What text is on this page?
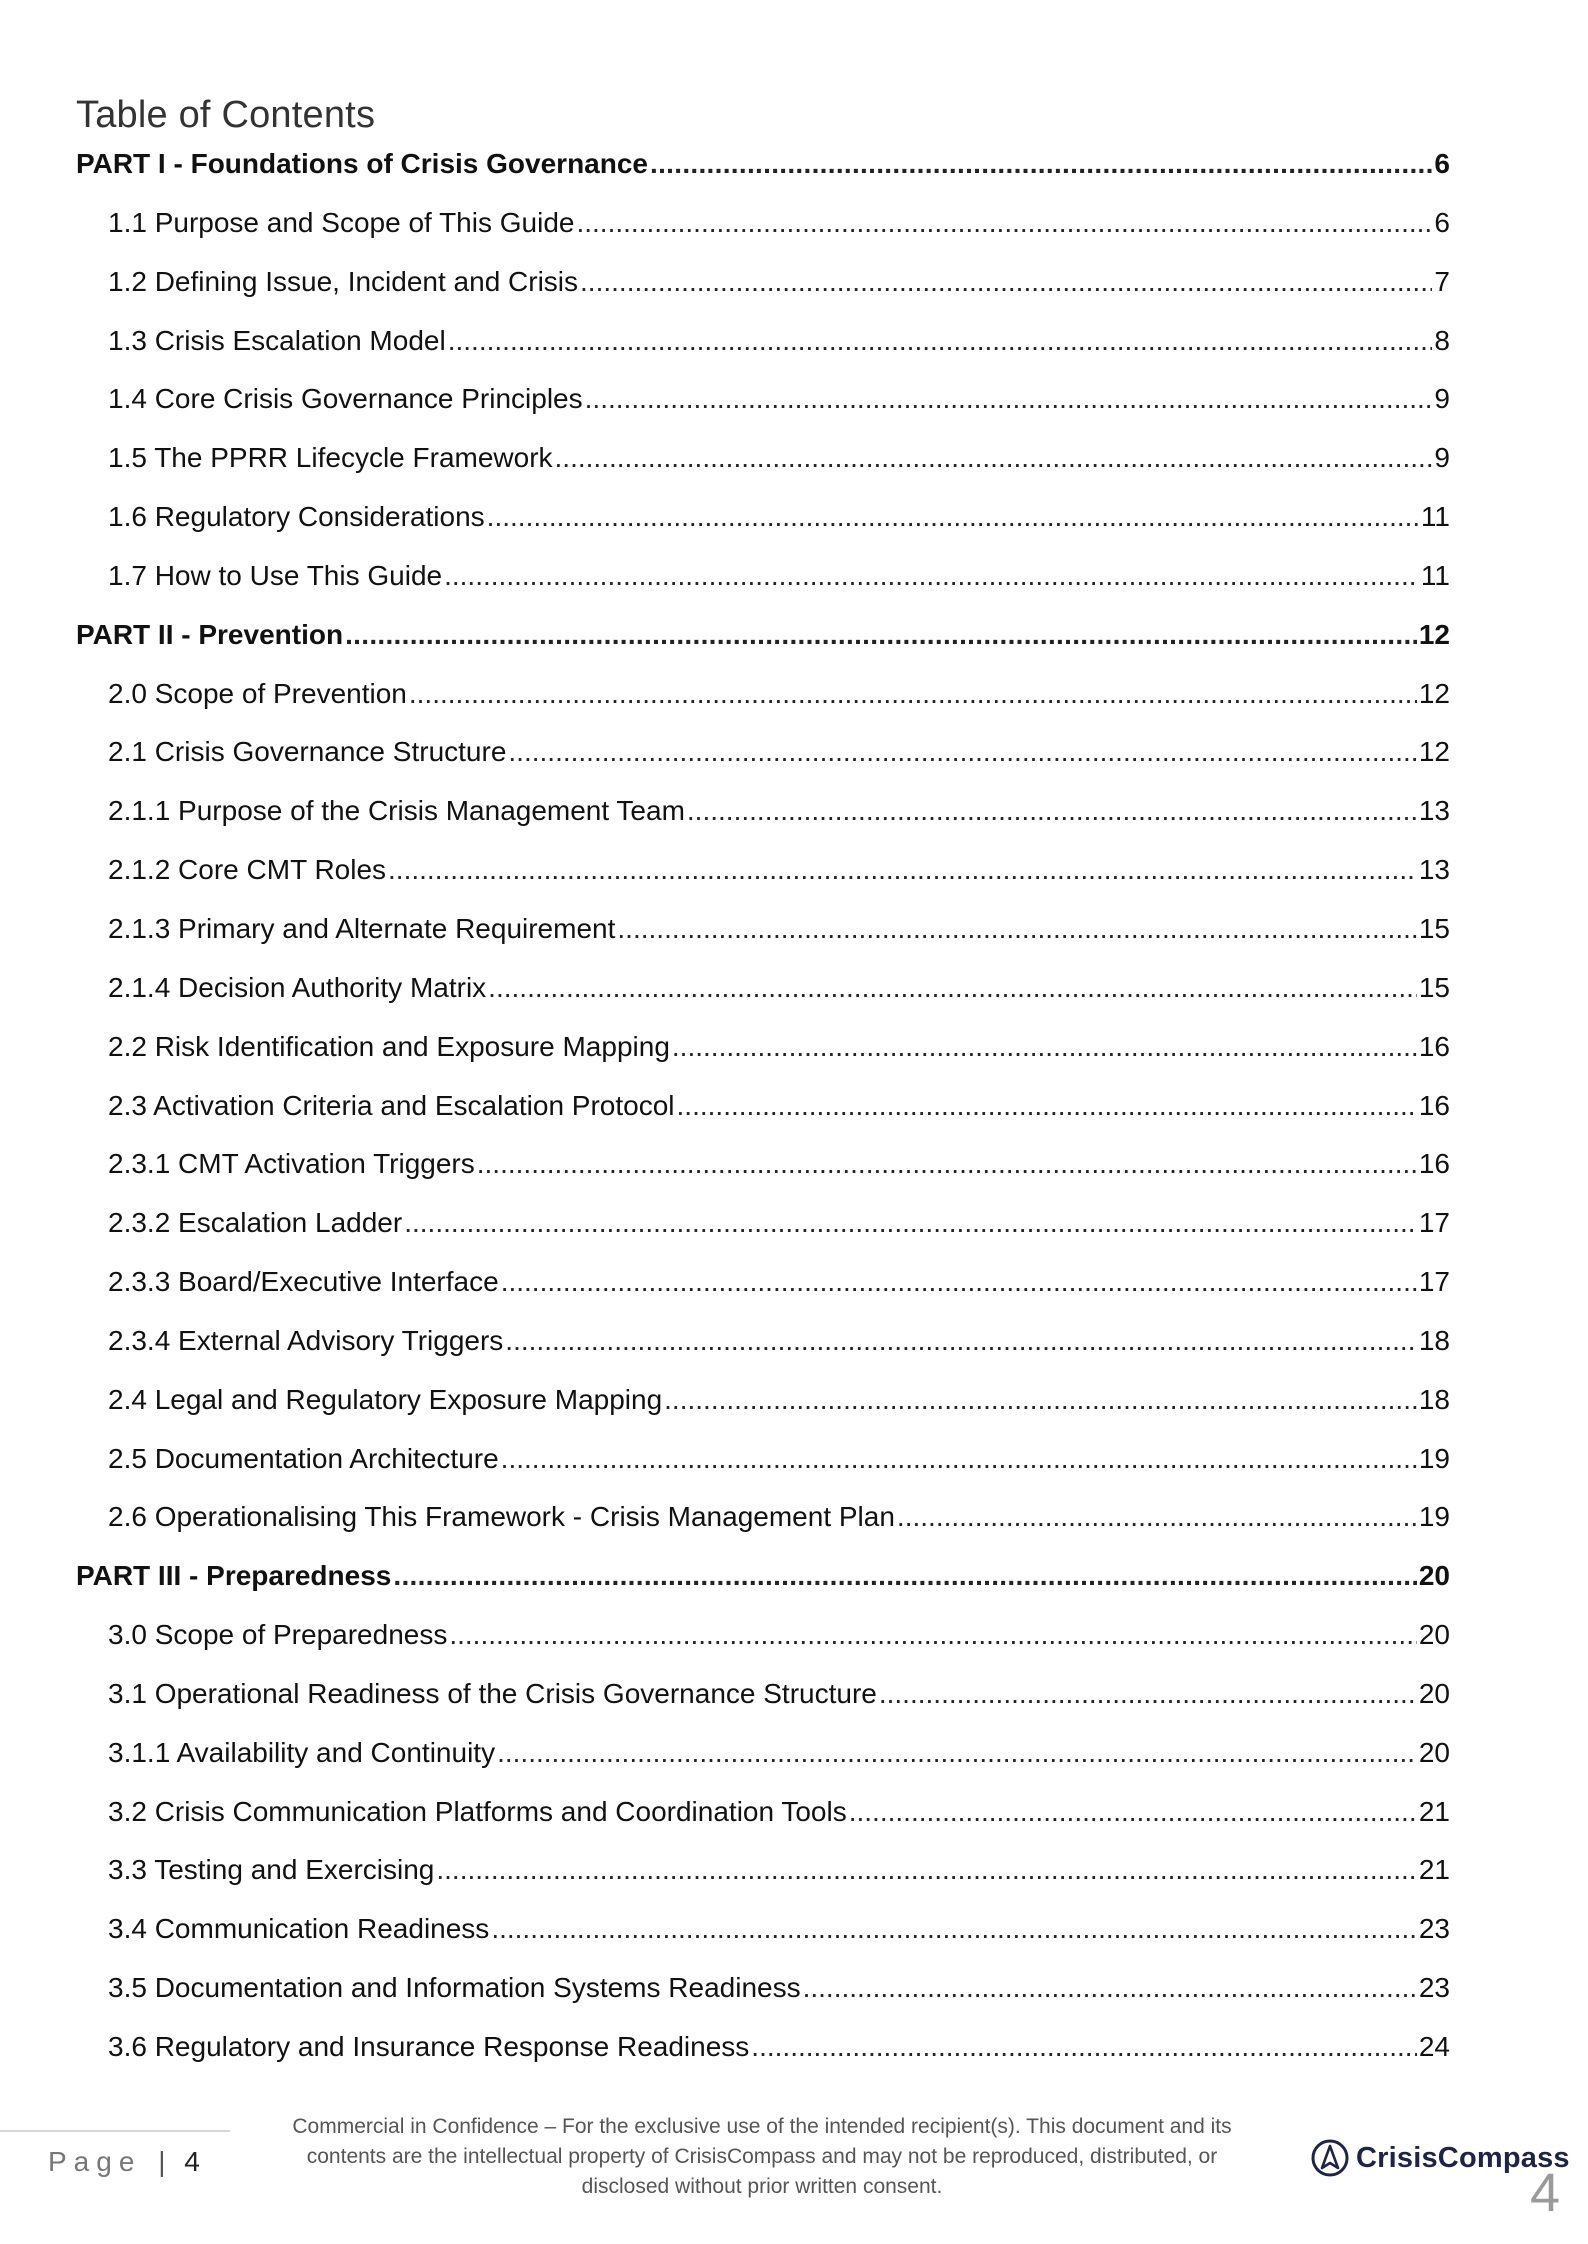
Table of Contents
PART I - Foundations of Crisis Governance .....	6
1.1 Purpose and Scope of This Guide .....	6
1.2 Defining Issue, Incident and Crisis .....	7
1.3 Crisis Escalation Model .....	8
1.4 Core Crisis Governance Principles .....	9
1.5 The PPRR Lifecycle Framework .....	9
1.6 Regulatory Considerations .....	11
1.7 How to Use This Guide .....	11
PART II - Prevention .....	12
2.0 Scope of Prevention .....	12
2.1 Crisis Governance Structure .....	12
2.1.1 Purpose of the Crisis Management Team .....	13
2.1.2 Core CMT Roles .....	13
2.1.3 Primary and Alternate Requirement .....	15
2.1.4 Decision Authority Matrix .....	15
2.2 Risk Identification and Exposure Mapping .....	16
2.3 Activation Criteria and Escalation Protocol .....	16
2.3.1 CMT Activation Triggers .....	16
2.3.2 Escalation Ladder .....	17
2.3.3 Board/Executive Interface .....	17
2.3.4 External Advisory Triggers .....	18
2.4 Legal and Regulatory Exposure Mapping .....	18
2.5 Documentation Architecture .....	19
2.6 Operationalising This Framework - Crisis Management Plan .....	19
PART III - Preparedness .....	20
3.0 Scope of Preparedness .....	20
3.1 Operational Readiness of the Crisis Governance Structure .....	20
3.1.1 Availability and Continuity .....	20
3.2 Crisis Communication Platforms and Coordination Tools .....	21
3.3 Testing and Exercising .....	21
3.4 Communication Readiness .....	23
3.5 Documentation and Information Systems Readiness .....	23
3.6 Regulatory and Insurance Response Readiness .....	24
Page | 4
Commercial in Confidence – For the exclusive use of the intended recipient(s). This document and its
contents are the intellectual property of CrisisCompass and may not be reproduced, distributed, or
disclosed without prior written consent.
CrisisCompass
4
